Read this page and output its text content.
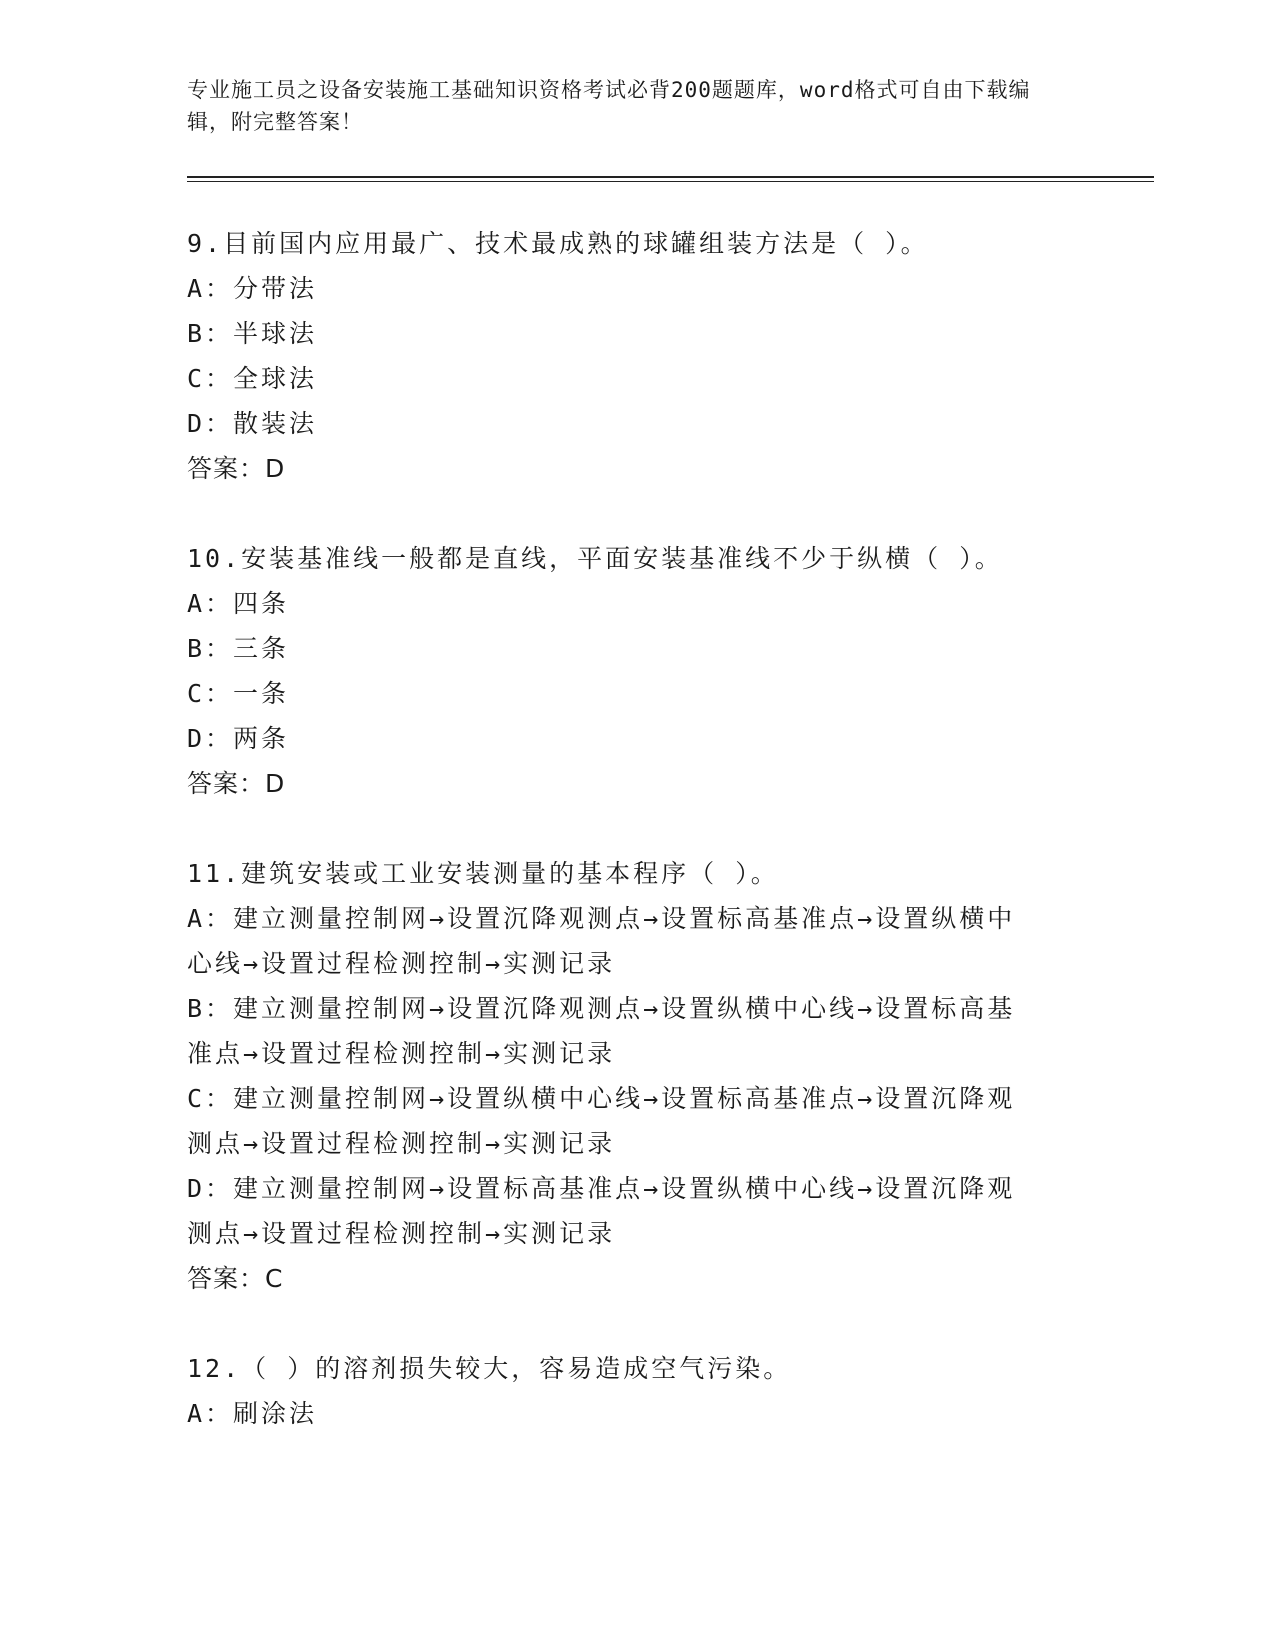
专业施工员之设备安装施工基础知识资格考试必背200题题库，word格式可自由下载编辑，附完整答案！
9.目前国内应用最广、技术最成熟的球罐组装方法是（ ）。
A：分带法
B：半球法
C：全球法
D：散装法
答案：D
10.安装基准线一般都是直线，平面安装基准线不少于纵横（ ）。
A：四条
B：三条
C：一条
D：两条
答案：D
11.建筑安装或工业安装测量的基本程序（ ）。
A：建立测量控制网→设置沉降观测点→设置标高基准点→设置纵横中
心线→设置过程检测控制→实测记录
B：建立测量控制网→设置沉降观测点→设置纵横中心线→设置标高基
准点→设置过程检测控制→实测记录
C：建立测量控制网→设置纵横中心线→设置标高基准点→设置沉降观
测点→设置过程检测控制→实测记录
D：建立测量控制网→设置标高基准点→设置纵横中心线→设置沉降观
测点→设置过程检测控制→实测记录
答案：C
12.（ ）的溶剂损失较大，容易造成空气污染。
A：刷涂法
